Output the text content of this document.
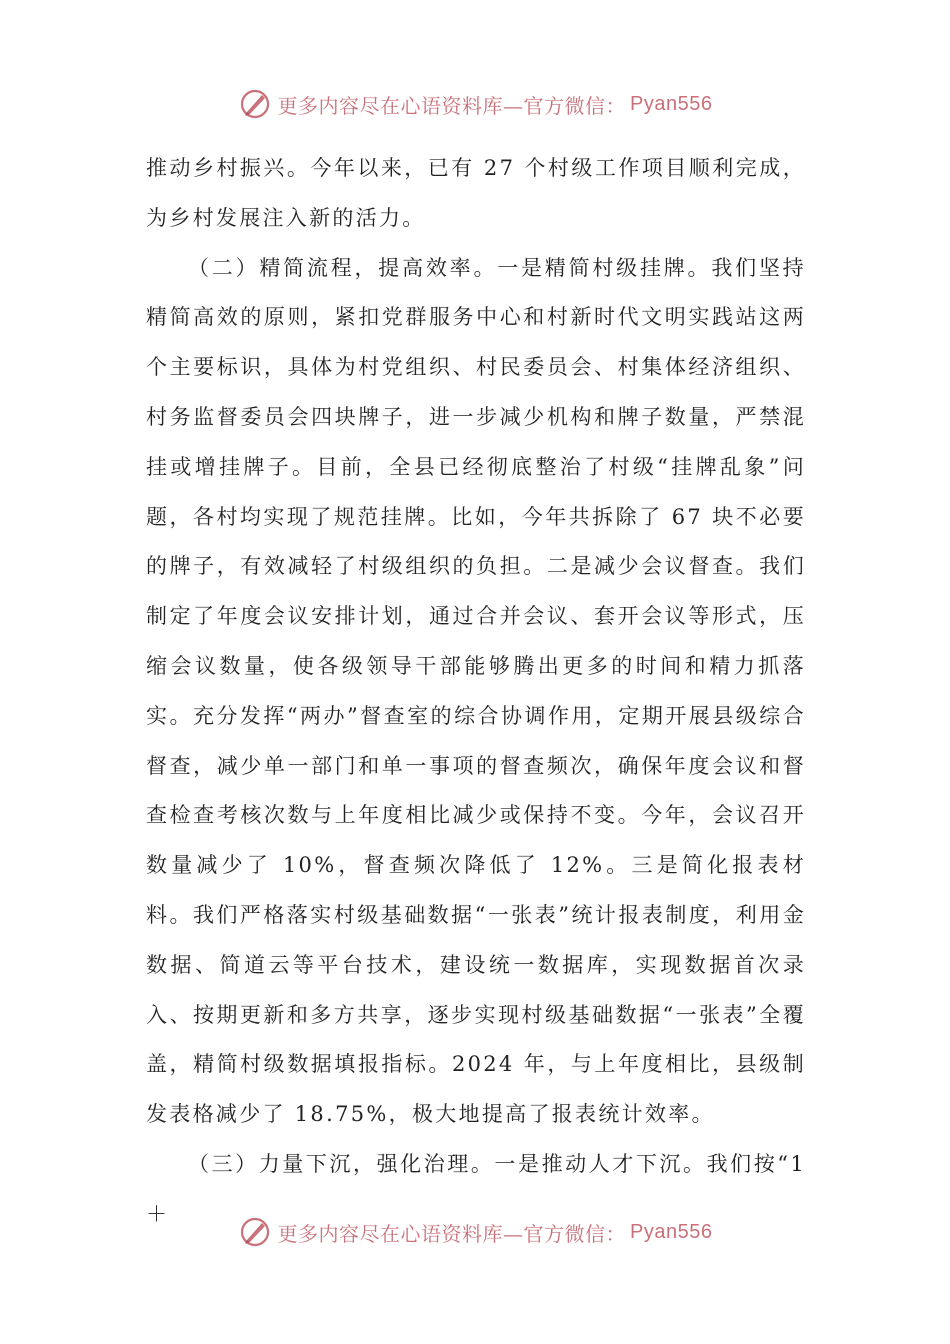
更多内容尽在心语资料库—官方微信： Pyan556

推动乡村振兴。今年以来，已有 27 个村级工作项目顺利完成，为乡村发展注入新的活力。

（二）精简流程，提高效率。一是精简村级挂牌。我们坚持精简高效的原则，紧扣党群服务中心和村新时代文明实践站这两个主要标识，具体为村党组织、村民委员会、村集体经济组织、村务监督委员会四块牌子，进一步减少机构和牌子数量，严禁混挂或增挂牌子。目前，全县已经彻底整治了村级“挂牌乱象”问题，各村均实现了规范挂牌。比如，今年共拆除了 67 块不必要的牌子，有效减轻了村级组织的负担。二是减少会议督查。我们制定了年度会议安排计划，通过合并会议、套开会议等形式，压缩会议数量，使各级领导干部能够腾出更多的时间和精力抓落实。充分发挥“两办”督查室的综合协调作用，定期开展县级综合督查，减少单一部门和单一事项的督查频次，确保年度会议和督查检查考核次数与上年度相比减少或保持不变。今年，会议召开数量减少了 10%，督查频次降低了 12%。三是简化报表材料。我们严格落实村级基础数据“一张表”统计报表制度，利用金数据、简道云等平台技术，建设统一数据库，实现数据首次录入、按期更新和多方共享，逐步实现村级基础数据“一张表”全覆盖，精简村级数据填报指标。2024 年，与上年度相比，县级制发表格减少了 18.75%，极大地提高了报表统计效率。

（三）力量下沉，强化治理。一是推动人才下沉。我们按“1＋

更多内容尽在心语资料库—官方微信： Pyan556
